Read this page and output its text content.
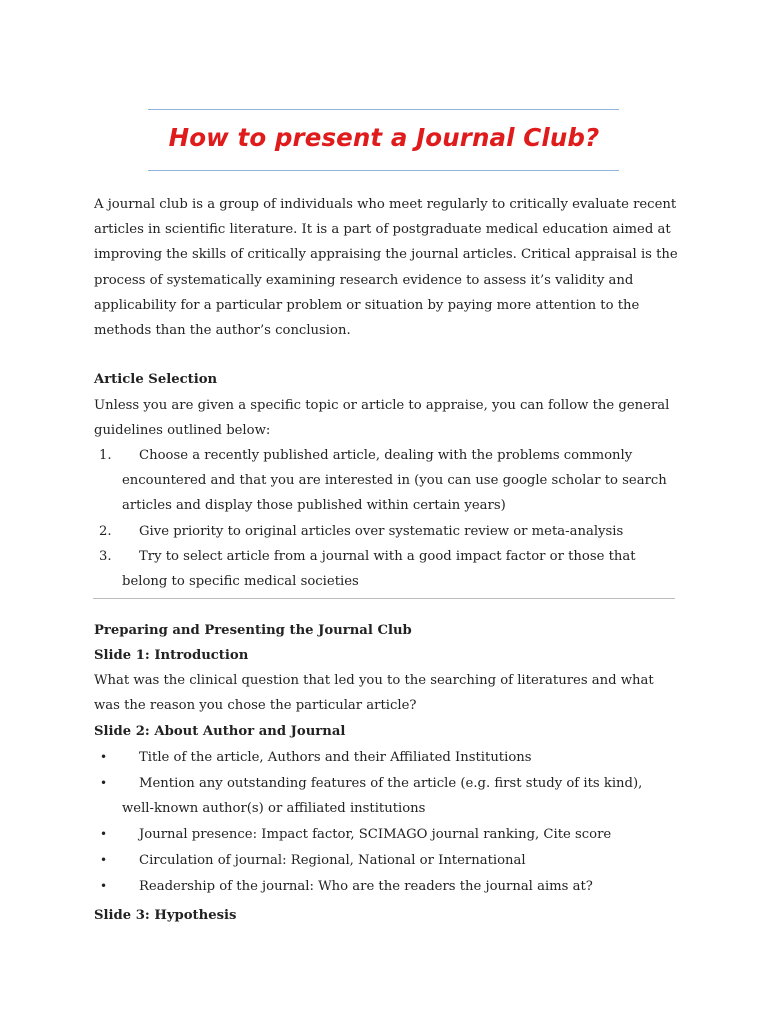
How to present a Journal Club?
A journal club is a group of individuals who meet regularly to critically evaluate recent articles in scientific literature. It is a part of postgraduate medical education aimed at improving the skills of critically appraising the journal articles. Critical appraisal is the process of systematically examining research evidence to assess it’s validity and applicability for a particular problem or situation by paying more attention to the methods than the author’s conclusion.
Article Selection
Unless you are given a specific topic or article to appraise, you can follow the general guidelines outlined below:
1.	Choose a recently published article, dealing with the problems commonly encountered and that you are interested in (you can use google scholar to search articles and display those published within certain years)
2.	Give priority to original articles over systematic review or meta-analysis
3.	Try to select article from a journal with a good impact factor or those that belong to specific medical societies
Preparing and Presenting the Journal Club
Slide 1: Introduction
What was the clinical question that led you to the searching of literatures and what was the reason you chose the particular article?
Slide 2: About Author and Journal
•	Title of the article, Authors and their Affiliated Institutions
•	Mention any outstanding features of the article (e.g. first study of its kind), well-known author(s) or affiliated institutions
•	Journal presence: Impact factor, SCIMAGO journal ranking, Cite score
•	Circulation of journal: Regional, National or International
•	Readership of the journal: Who are the readers the journal aims at?
Slide 3: Hypothesis
